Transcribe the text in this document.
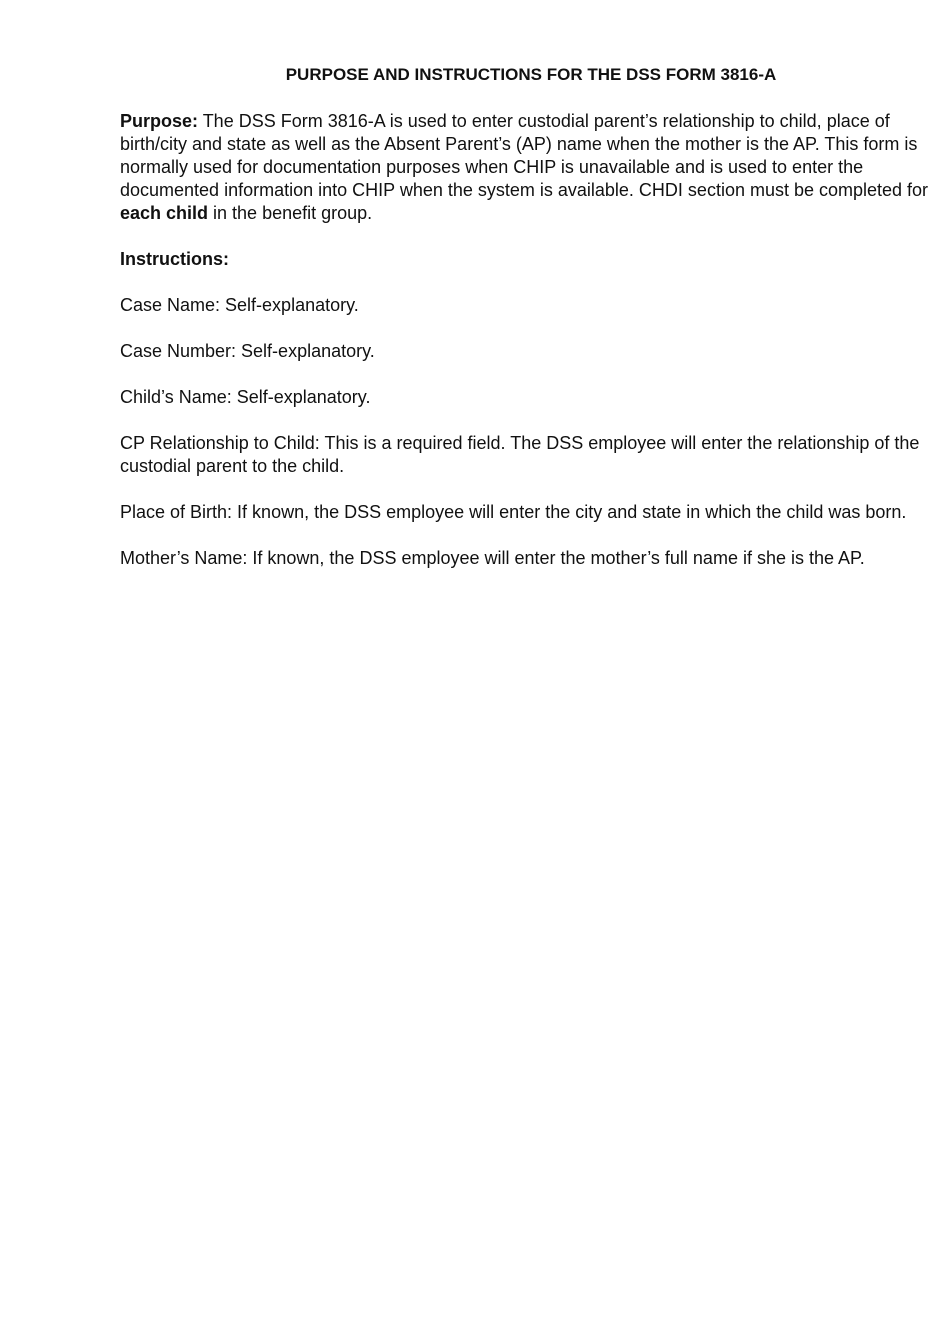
PURPOSE AND INSTRUCTIONS FOR THE DSS FORM 3816-A
Purpose: The DSS Form 3816-A is used to enter custodial parent’s relationship to child, place of birth/city and state as well as the Absent Parent’s (AP) name when the mother is the AP. This form is normally used for documentation purposes when CHIP is unavailable and is used to enter the documented information into CHIP when the system is available. CHDI section must be completed for each child in the benefit group.
Instructions:
Case Name: Self-explanatory.
Case Number: Self-explanatory.
Child’s Name: Self-explanatory.
CP Relationship to Child: This is a required field. The DSS employee will enter the relationship of the custodial parent to the child.
Place of Birth: If known, the DSS employee will enter the city and state in which the child was born.
Mother’s Name: If known, the DSS employee will enter the mother’s full name if she is the AP.
